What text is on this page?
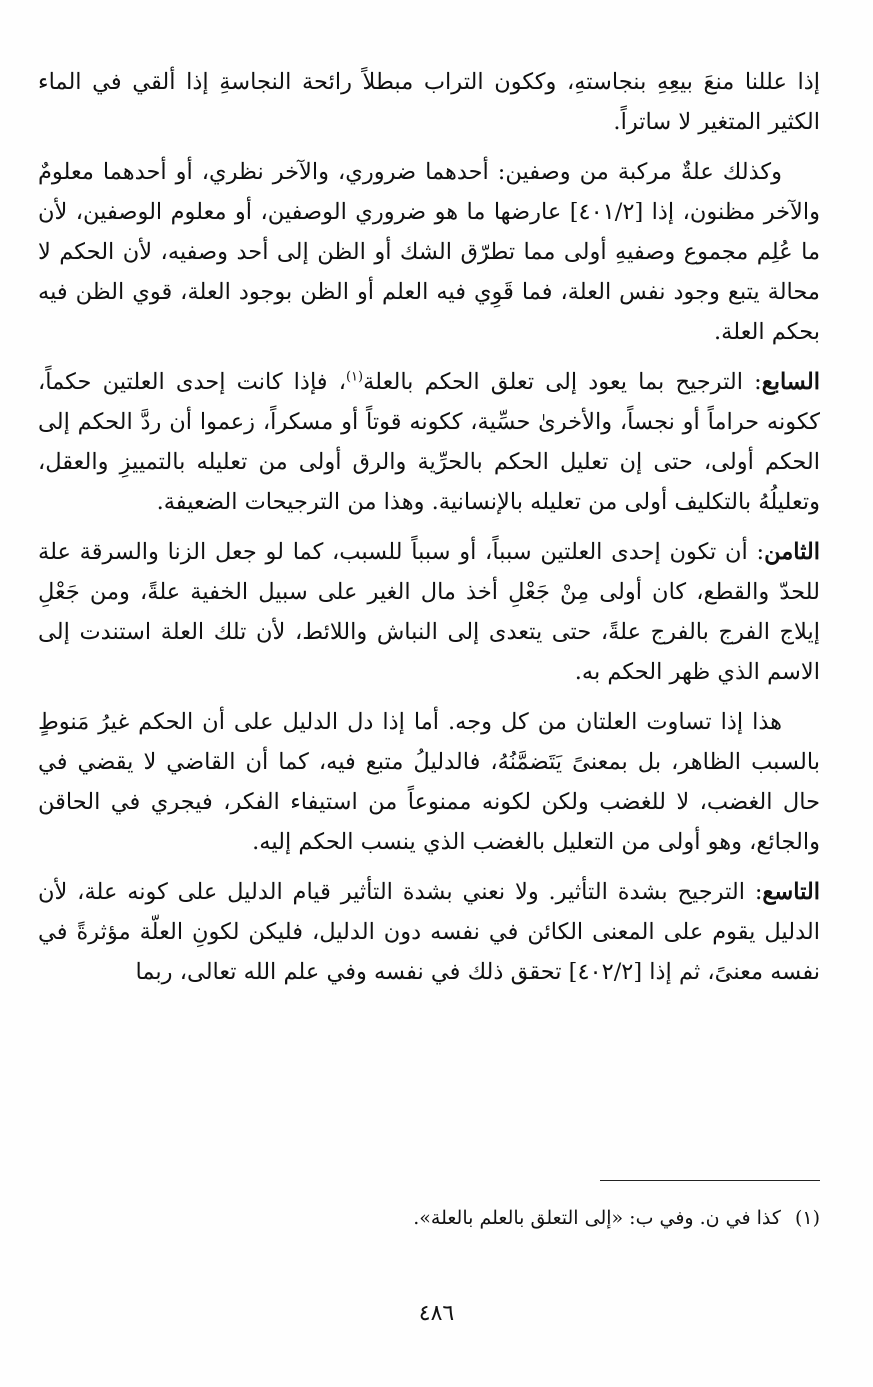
إذا عللنا منعَ بيعِهِ بنجاستهِ، وككون التراب مبطلاً رائحة النجاسةِ إذا ألقي في الماء الكثير المتغير لا ساتراً.

وكذلك علةٌ مركبة من وصفين: أحدهما ضروري، والآخر نظري، أو أحدهما معلومٌ والآخر مظنون، إذا [٤٠١/٢] عارضها ما هو ضروري الوصفين، أو معلوم الوصفين، لأن ما عُلِم مجموع وصفيهِ أولى مما تطرّق الشك أو الظن إلى أحد وصفيه، لأن الحكم لا محالة يتبع وجود نفس العلة، فما قَوِي فيه العلم أو الظن بوجود العلة، قوي الظن فيه بحكم العلة.

السابع: الترجيح بما يعود إلى تعلق الحكم بالعلة$^{(١)}$، فإذا كانت إحدى العلتين حكماً، ككونه حراماً أو نجساً، والأخرىٰ حسِّية، ككونه قوتاً أو مسكراً، زعموا أن ردَّ الحكم إلى الحكم أولى، حتى إن تعليل الحكم بالحرِّية والرق أولى من تعليله بالتمييزِ والعقل، وتعليلُهُ بالتكليف أولى من تعليله بالإنسانية. وهذا من الترجيحات الضعيفة.

الثامن: أن تكون إحدى العلتين سبباً، أو سبباً للسبب، كما لو جعل الزنا والسرقة علة للحدّ والقطع، كان أولى مِنْ جَعْلِ أخذ مال الغير على سبيل الخفية علةً، ومن جَعْلِ إيلاج الفرج بالفرج علةً، حتى يتعدى إلى النباش واللائط، لأن تلك العلة استندت إلى الاسم الذي ظهر الحكم به.

هذا إذا تساوت العلتان من كل وجه. أما إذا دل الدليل على أن الحكم غيرُ مَنوطٍ بالسبب الظاهر، بل بمعنىً يَتَضمَّنُهُ، فالدليلُ متبع فيه، كما أن القاضي لا يقضي في حال الغضب، لا للغضب ولكن لكونه ممنوعاً من استيفاء الفكر، فيجري في الحاقن والجائع، وهو أولى من التعليل بالغضب الذي ينسب الحكم إليه.

التاسع: الترجيح بشدة التأثير. ولا نعني بشدة التأثير قيام الدليل على كونه علة، لأن الدليل يقوم على المعنى الكائن في نفسه دون الدليل، فليكن لكونِ العلّة مؤثرةً في نفسه معنىً، ثم إذا [٤٠٢/٢] تحقق ذلك في نفسه وفي علم الله تعالى، ربما

(١)كذا في ن. وفي ب: «إلى التعلق بالعلم بالعلة».
٤٨٦
